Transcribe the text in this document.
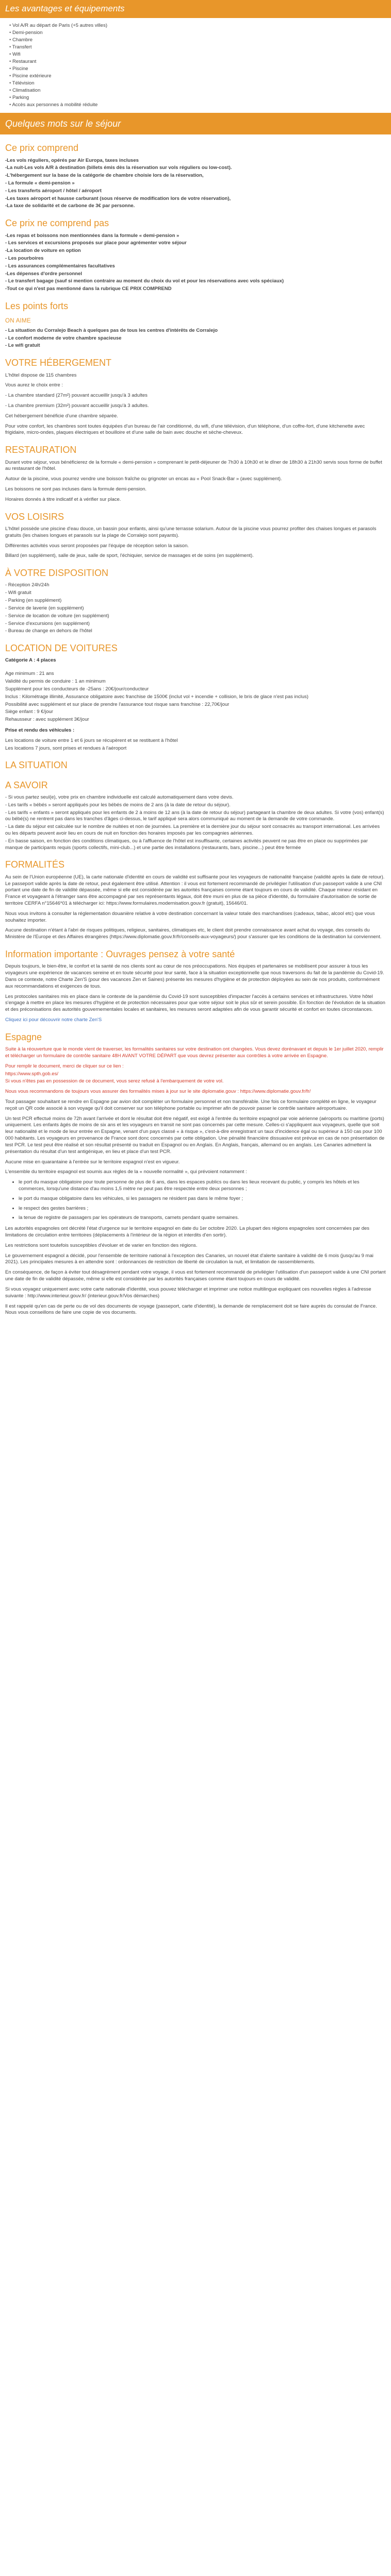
Les avantages et équipements
• Vol A/R au départ de Paris (+5 autres villes)
• Demi-pension
• Chambre
• Transfert
• Wifi
• Restaurant
• Piscine
• Piscine extérieure
• Télévision
• Climatisation
• Parking
• Accès aux personnes à mobilité réduite
Quelques mots sur le séjour
Ce prix comprend
-Les vols réguliers, opérés par Air Europa, taxes incluses
-La nuit-Les vols A/R à destination (billets émis dès la réservation sur vols réguliers ou low-cost).
-L'hébergement sur la base de la catégorie de chambre choisie lors de la réservation,
- La formule « demi-pension »
- Les transferts aéroport / hôtel / aéroport
-Les taxes aéroport et hausse carburant (sous réserve de modification lors de votre réservation),
-La taxe de solidarité et de carbone de 3€ par personne.
Ce prix ne comprend pas
-Les repas et boissons non mentionnées dans la formule « demi-pension »
- Les services et excursions proposés sur place pour agrémenter votre séjour
-La location de voiture en option
- Les pourboires
- Les assurances complémentaires facultatives
-Les dépenses d'ordre personnel
- Le transfert bagage (sauf si mention contraire au moment du choix du vol et pour les réservations avec vols spéciaux)
-Tout ce qui n'est pas mentionné dans la rubrique CE PRIX COMPREND
Les points forts
ON AIME
- La situation du Corralejo Beach à quelques pas de tous les centres d'intérêts de Corralejo
- Le confort moderne de votre chambre spacieuse
- Le wifi gratuit
VOTRE HÉBERGEMENT

L'hôtel dispose de 115 chambres

Vous aurez le choix entre :

- La chambre standard (27m²) pouvant accueillir jusqu'à 3 adultes

- La chambre premium (32m²) pouvant accueillir jusqu'à 3 adultes.

Cet hébergement bénéficie d'une chambre séparée.

Pour votre confort, les chambres sont toutes équipées d'un bureau de l'air conditionné, du wifi, d'une télévision, d'un téléphone, d'un coffre-fort, d'une kitchenette avec frigidaire, micro-ondes, plaques électriques et bouilloire et d'une salle de bain avec douche et sèche-cheveux.

RESTAURATION

Durant votre séjour, vous bénéficierez de la formule « demi-pension » comprenant le petit-déjeuner de 7h30 à 10h30 et le dîner de 18h30 à 21h30 servis sous forme de buffet au restaurant de l'hôtel.

Autour de la piscine, vous pourrez vendre une boisson fraîche ou grignoter un encas au « Pool Snack-Bar » (avec supplément).

Les boissons ne sont pas incluses dans la formule demi-pension.

Horaires donnés à titre indicatif et à vérifier sur place.

VOS LOISIRS

L'hôtel possède une piscine d'eau douce, un bassin pour enfants, ainsi qu'une terrasse solarium. Autour de la piscine vous pourrez profiter des chaises longues et parasols gratuits (les chaises longues et parasols sur la plage de Corralejo sont payants).

Différentes activités vous seront proposées par l'équipe de réception selon la saison.

Billard (en supplément), salle de jeux, salle de sport, l'échiquier, service de massages et de soins (en supplément).

À VOTRE DISPOSITION
- Réception 24h/24h
- Wifi gratuit
- Parking (en supplément)
- Service de laverie (en supplément)
- Service de location de voiture (en supplément)
- Service d'excursions (en supplément)
- Bureau de change en dehors de l'hôtel
LOCATION DE VOITURES

Catégorie A : 4 places

Age minimum : 21 ans
Validité du permis de conduire : 1 an minimum
Supplément pour les conducteurs de -25ans : 20€/jour/conducteur
Inclus : Kilométrage illimité, Assurance obligatoire avec franchise de 1500€ (inclut vol + incendie + collision, le bris de glace n'est pas inclus)
Possibilité avec supplément et sur place de prendre l'assurance tout risque sans franchise : 22,70€/jour
Siège enfant : 9 €/jour
Rehausseur : avec supplément 3€/jour

Prise et rendu des véhicules :

Les locations de voiture entre 1 et 6 jours se récupèrent et se restituent à l'hôtel
Les locations 7 jours, sont prises et rendues à l'aéroport
LA SITUATION
A SAVOIR
- Si vous partez seul(e), votre prix en chambre individuelle est calculé automatiquement dans votre devis.
- Les tarifs « bébés » seront appliqués pour les bébés de moins de 2 ans (à la date de retour du séjour).
- Les tarifs « enfants » seront appliqués pour les enfants de 2 à moins de 12 ans (à la date de retour du séjour) partageant la chambre de deux adultes. Si votre (vos) enfant(s) ou bébé(s) ne rentrent pas dans les tranches d'âges ci-dessus, le tarif appliqué sera alors communiqué au moment de la demande de votre commande.
- La date du séjour est calculée sur le nombre de nuitées et non de journées. La première et la dernière jour du séjour sont consacrés au transport international. Les arrivées ou les départs peuvent avoir lieu en cours de nuit en fonction des horaires imposés par les compagnies aériennes.
- En basse saison, en fonction des conditions climatiques, ou à l'affluence de l'hôtel est insuffisante, certaines activités peuvent ne pas être en place ou supprimées par manque de participants requis (sports collectifs, mini-club...) et une partie des installations (restaurants, bars, piscine...) peut être fermée
FORMALITÉS

Au sein de l'Union européenne (UE), la carte nationale d'identité en cours de validité est suffisante pour les voyageurs de nationalité française (validité après la date de retour). Le passeport valide après la date de retour, peut également être utilisé. Attention : il vous est fortement recommandé de privilégier l'utilisation d'un passeport valide à une CNI portant une date de fin de validité dépassée, même si elle est considérée par les autorités françaises comme étant toujours en cours de validité. Chaque mineur résidant en France et voyageant à l'étranger sans être accompagné par ses représentants légaux, doit être muni en plus de sa pièce d'identité, du formulaire d'autorisation de sortie de territoire CERFA n°15646*01 à télécharger ici: https://www.formulaires.modernisation.gouv.fr (gratuit), 15646/01.

Nous vous invitons à consulter la réglementation douanière relative à votre destination concernant la valeur totale des marchandises (cadeaux, tabac, alcool etc) que vous souhaitez importer.

Aucune destination n'étant à l'abri de risques politiques, religieux, sanitaires, climatiques etc, le client doit prendre connaissance avant achat du voyage, des conseils du Ministère de l'Europe et des Affaires étrangères (https://www.diplomatie.gouv.fr/fr/conseils-aux-voyageurs/) pour s'assurer que les conditions de la destination lui conviennent.

Information importante : Ouvrages pensez à votre santé

Depuis toujours, le bien-être, le confort et la santé de nos clients sont au cœur de nos préoccupations. Nos équipes et partenaires se mobilisent pour assurer à tous les voyageurs une expérience de vacances sereine et en toute sécurité pour leur santé, face à la situation exceptionnelle que nous traversons du fait de la pandémie du Covid-19. Dans ce contexte, notre Charte Zen'S (pour des vacances Zen et Saines) présente les mesures d'hygiène et de protection déployées au sein de nos produits, conformément aux recommandations et exigences de tous.

Les protocoles sanitaires mis en place dans le contexte de la pandémie du Covid-19 sont susceptibles d'impacter l'accès à certains services et infrastructures. Votre hôtel s'engage à mettre en place les mesures d'hygiène et de protection nécessaires pour que votre séjour soit le plus sûr et serein possible. En fonction de l'évolution de la situation et des préconisations des autorités gouvernementales locales et sanitaires, les mesures seront adaptées afin de vous garantir sécurité et confort en toutes circonstances.

Cliquez ici pour découvrir notre charte Zen'S

Espagne

Suite à la réouverture que le monde vient de traverser, les formalités sanitaires sur votre destination ont changées. Vous devez dorénavant et depuis le 1er juillet 2020, remplir et télécharger un formulaire de contrôle sanitaire 48H AVANT VOTRE DÉPART que vous devrez présenter aux contrôles à votre arrivée en Espagne.

Pour remplir le document, merci de cliquer sur ce lien :
https://www.spth.gob.es/

Si vous n'êtes pas en possession de ce document, vous serez refusé à l'embarquement de votre vol.

Nous vous recommandons de toujours vous assurer des formalités mises à jour sur le site diplomatie.gouv : https://www.diplomatie.gouv.fr/fr/

Tout passager souhaitant se rendre en Espagne par avion doit compléter un formulaire personnel et non transférable. Une fois ce formulaire complété en ligne, le voyageur reçoit un QR code associé à son voyage qu'il doit conserver sur son téléphone portable ou imprimer afin de pouvoir passer le contrôle sanitaire aéroportuaire.

Un test PCR effectué moins de 72h avant l'arrivée et dont le résultat doit être négatif, est exigé à l'entrée du territoire espagnol par voie aérienne (aéroports ou maritime (ports) uniquement. Les enfants âgés de moins de six ans et les voyageurs en transit ne sont pas concernés par cette mesure. Celles-ci s'appliquent aux voyageurs, quelle que soit leur nationalité et le mode de leur entrée en Espagne, venant d'un pays classé « à risque », c'est-à-dire enregistrant un taux d'incidence égal ou supérieur à 150 cas pour 100 000 habitants. Les voyageurs en provenance de France sont donc concernés par cette obligation. Une pénalité financière dissuasive est prévue en cas de non présentation de test PCR. Le test peut être réalisé et son résultat présenté ou traduit en Espagnol ou en Anglais. En Anglais, français, allemand ou en anglais. Les Canaries admettent la présentation du résultat d'un test antigénique, en lieu et place d'un test PCR.

Aucune mise en quarantaine à l'entrée sur le territoire espagnol n'est en vigueur.

L'ensemble du territoire espagnol est soumis aux règles de la « nouvelle normalité », qui prévoient notamment :

• le port du masque obligatoire pour toute personne de plus de 6 ans, dans les espaces publics ou dans les lieux recevant du public, y compris les hôtels et les commerces, lorsqu'une distance d'au moins 1,5 mètre ne peut pas être respectée entre deux personnes ;
• le port du masque obligatoire dans les véhicules, si les passagers ne résident pas dans le même foyer ;
• le respect des gestes barrières ;
• la tenue de registre de passagers par les opérateurs de transports, carnets pendant quatre semaines.

Les autorités espagnoles ont décrété l'état d'urgence sur le territoire espagnol en date du 1er octobre 2020. La plupart des régions espagnoles sont concernées par des limitations de circulation entre territoires (déplacements à l'intérieur de la région et interdits d'en sortir).

Les restrictions sont toutefois susceptibles d'évoluer et de varier en fonction des régions.

Le gouvernement espagnol a décidé, pour l'ensemble de territoire national à l'exception des Canaries, un nouvel état d'alerte sanitaire à validité de 6 mois (jusqu'au 9 mai 2021). Les principales mesures à en attendre sont : ordonnances de restriction de liberté de circulation la nuit, et limitation de rassemblements.

En conséquence, de façon à éviter tout désagrément pendant votre voyage, il vous est fortement recommandé de privilégier l'utilisation d'un passeport valide à une CNI portant une date de fin de validité dépassée, même si elle est considérée par les autorités françaises comme étant toujours en cours de validité.

Si vous voyagez uniquement avec votre carte nationale d'identité, vous pouvez télécharger et imprimer une notice multilingue expliquant ces nouvelles règles à l'adresse suivante : http://www.interieur.gouv.fr/ (interieur.gouv.fr/Vos démarches)

Il est rappelé qu'en cas de perte ou de vol des documents de voyage (passeport, carte d'identité), la demande de remplacement doit se faire auprès du consulat de France. Nous vous conseillons de faire une copie de vos documents.
